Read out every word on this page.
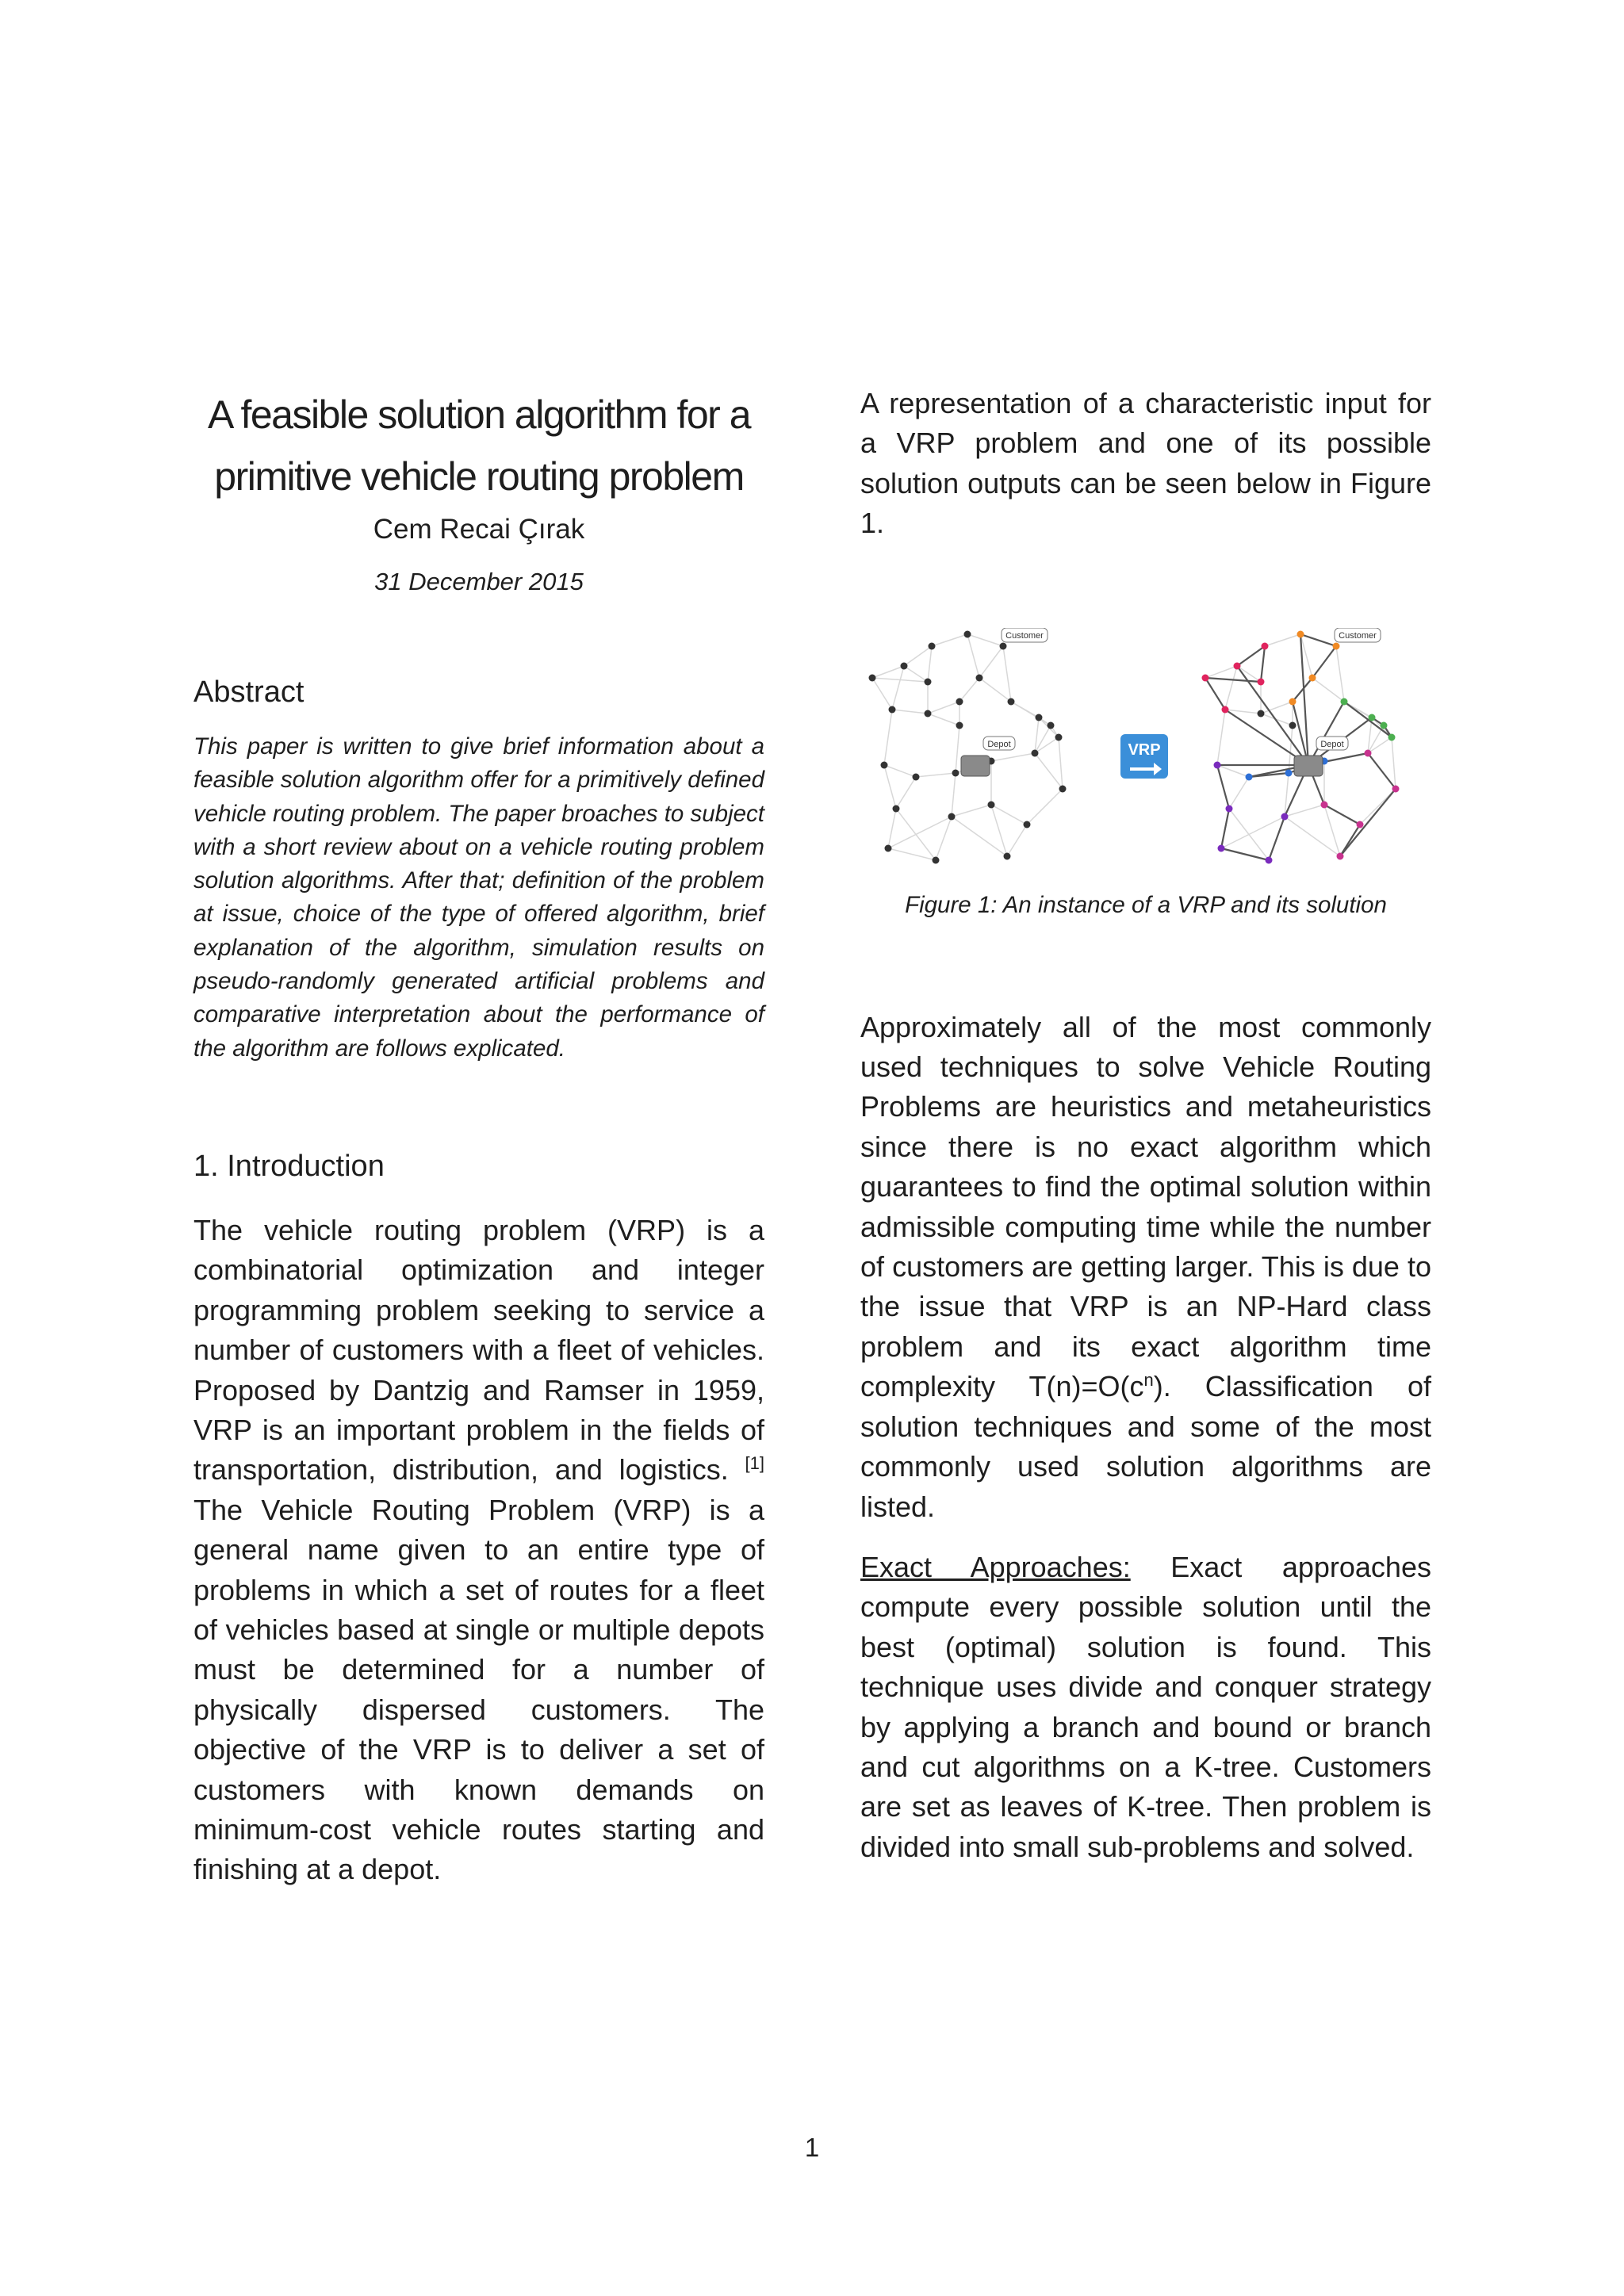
A feasible solution algorithm for a
primitive vehicle routing problem
Cem Recai Çırak
31 December 2015
Abstract

This paper is written to give brief information about a feasible solution algorithm offer for a primitively defined vehicle routing problem. The paper broaches to subject with a short review about on a vehicle routing problem solution algorithms. After that; definition of the problem at issue, choice of the type of offered algorithm, brief explanation of the algorithm, simulation results on pseudo-randomly generated artificial problems and comparative interpretation about the performance of the algorithm are follows explicated.

1. Introduction

The vehicle routing problem (VRP) is a combinatorial optimization and integer programming problem seeking to service a number of customers with a fleet of vehicles. Proposed by Dantzig and Ramser in 1959, VRP is an important problem in the fields of transportation, distribution, and logistics. [1] The Vehicle Routing Problem (VRP) is a general name given to an entire type of problems in which a set of routes for a fleet of vehicles based at single or multiple depots must be determined for a number of physically dispersed customers. The objective of the VRP is to deliver a set of customers with known demands on minimum-cost vehicle routes starting and finishing at a depot.

A representation of a characteristic input for a VRP problem and one of its possible solution outputs can be seen below in Figure 1.

Depot
Customer
Depot
Customer
VRP
Figure 1: An instance of a VRP and its solution

Approximately all of the most commonly used techniques to solve Vehicle Routing Problems are heuristics and metaheuristics since there is no exact algorithm which guarantees to find the optimal solution within admissible computing time while the number of customers are getting larger. This is due to the issue that VRP is an NP-Hard class problem and its exact algorithm time complexity $T(n)=O(c^n)$. Classification of solution techniques and some of the most commonly used solution algorithms are listed.

Exact Approaches: Exact approaches compute every possible solution until the best (optimal) solution is found. This technique uses divide and conquer strategy by applying a branch and bound or branch and cut algorithms on a K-tree. Customers are set as leaves of K-tree. Then problem is divided into small sub-problems and solved.

1
